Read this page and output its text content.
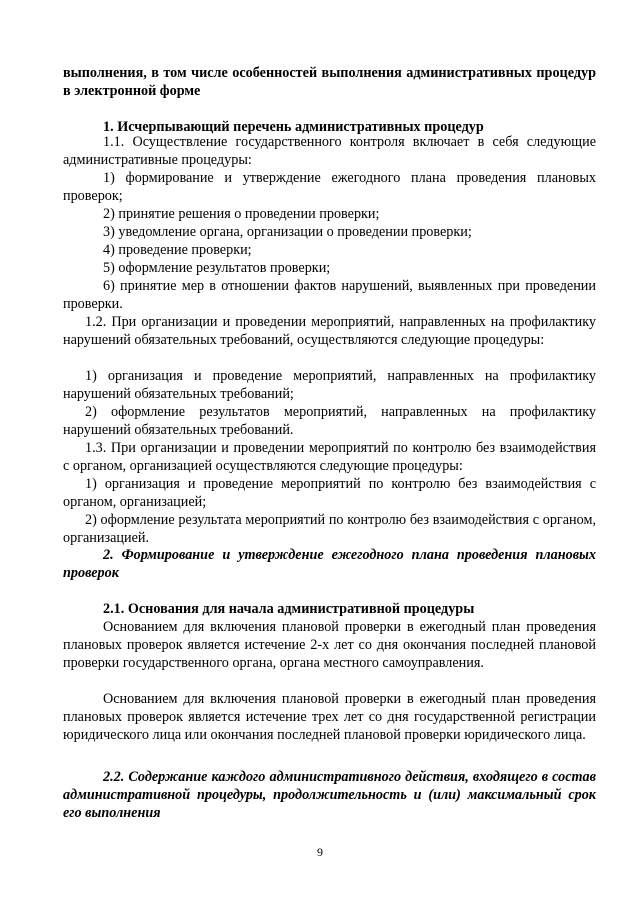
выполнения, в том числе особенностей выполнения административных процедур в электронной форме

1. Исчерпывающий перечень административных процедур

1.1. Осуществление государственного контроля включает в себя следующие административные процедуры:

1) формирование и утверждение ежегодного плана проведения плановых проверок;

2) принятие решения о проведении проверки;

3) уведомление органа, организации о проведении проверки;

4) проведение проверки;

5) оформление результатов проверки;

6) принятие мер в отношении фактов нарушений, выявленных при проведении проверки.

1.2. При организации и проведении мероприятий, направленных на профилактику нарушений обязательных требований, осуществляются следующие процедуры:

1) организация и проведение мероприятий, направленных на профилактику нарушений обязательных требований;

2) оформление результатов мероприятий, направленных на профилактику нарушений обязательных требований.

1.3. При организации и проведении мероприятий по контролю без взаимодействия с органом, организацией осуществляются следующие процедуры:

1) организация и проведение мероприятий по контролю без взаимодействия с органом, организацией;

2) оформление результата мероприятий по контролю без взаимодействия с органом, организацией.

2. Формирование и утверждение ежегодного плана проведения плановых проверок

2.1. Основания для начала административной процедуры

Основанием для включения плановой проверки в ежегодный план проведения плановых проверок является истечение 2-х лет со дня окончания последней плановой проверки государственного органа, органа местного самоуправления.

Основанием для включения плановой проверки в ежегодный план проведения плановых проверок является истечение трех лет со дня государственной регистрации юридического лица или окончания последней плановой проверки юридического лица.

2.2. Содержание каждого административного действия, входящего в состав административной процедуры, продолжительность и (или) максимальный срок его выполнения

9
